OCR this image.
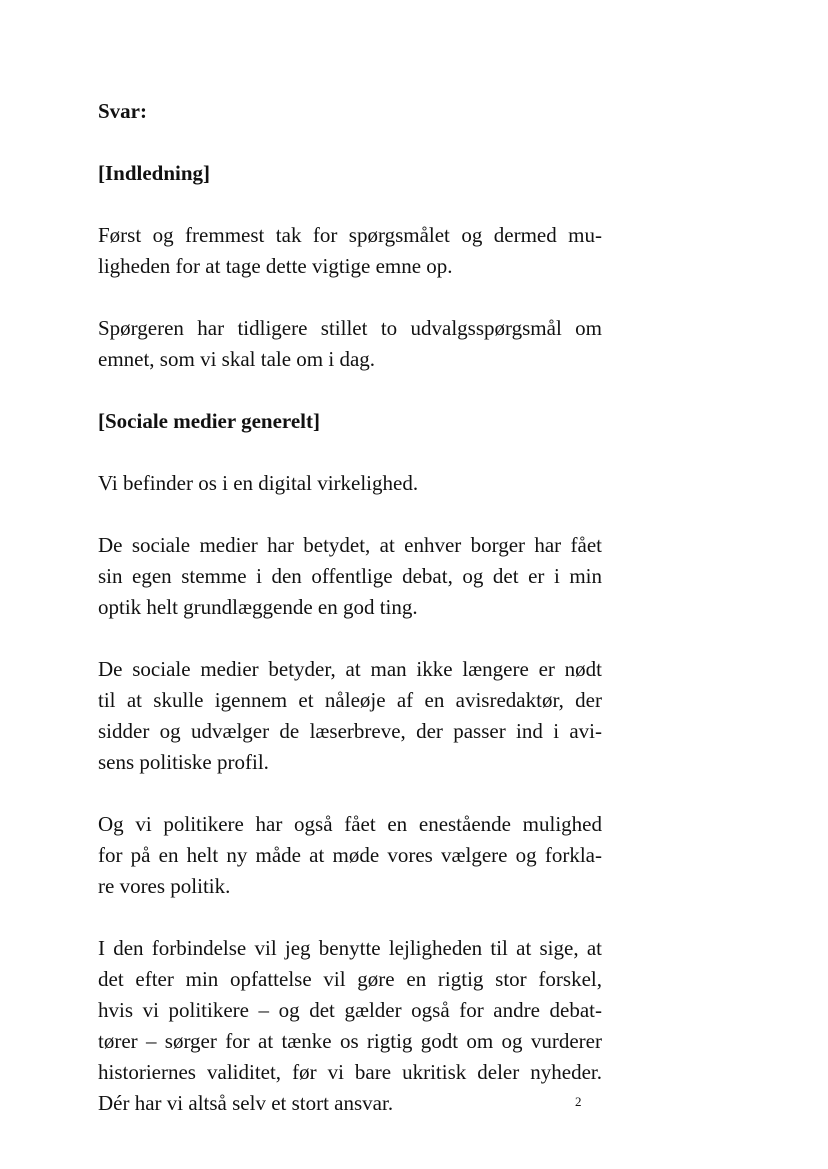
Svar:

[Indledning]

Først og fremmest tak for spørgsmålet og dermed mu-
ligheden for at tage dette vigtige emne op.

Spørgeren har tidligere stillet to udvalgsspørgsmål om
emnet, som vi skal tale om i dag.

[Sociale medier generelt]

Vi befinder os i en digital virkelighed.

De sociale medier har betydet, at enhver borger har fået
sin egen stemme i den offentlige debat, og det er i min
optik helt grundlæggende en god ting.

De sociale medier betyder, at man ikke længere er nødt
til at skulle igennem et nåleøje af en avisredaktør, der
sidder og udvælger de læserbreve, der passer ind i avi-
sens politiske profil.

Og vi politikere har også fået en enestående mulighed
for på en helt ny måde at møde vores vælgere og forkla-
re vores politik.

I den forbindelse vil jeg benytte lejligheden til at sige, at
det efter min opfattelse vil gøre en rigtig stor forskel,
hvis vi politikere – og det gælder også for andre debat-
tører – sørger for at tænke os rigtig godt om og vurderer
historiernes validitet, før vi bare ukritisk deler nyheder.
Dér har vi altså selv et stort ansvar.	2
